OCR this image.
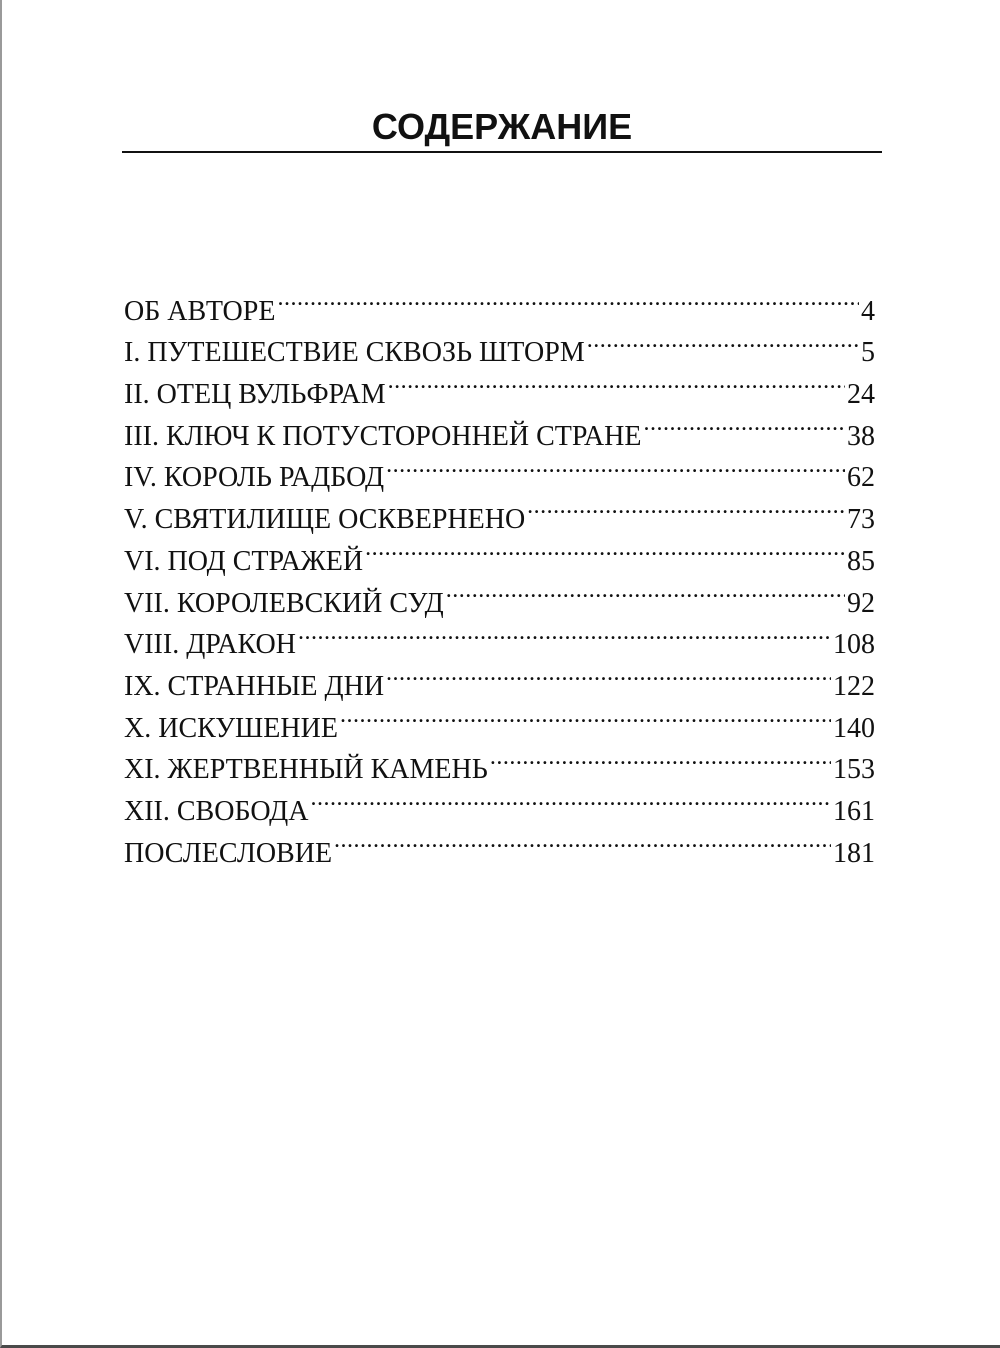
СОДЕРЖАНИЕ
ОБ АВТОРЕ .....	4
I. ПУТЕШЕСТВИЕ СКВОЗЬ ШТОРМ .....	5
II. ОТЕЦ ВУЛЬФРАМ .....	24
III. КЛЮЧ К ПОТУСТОРОННЕЙ СТРАНЕ .....	38
IV. КОРОЛЬ РАДБОД .....	62
V. СВЯТИЛИЩЕ ОСКВЕРНЕНО .....	73
VI. ПОД СТРАЖЕЙ .....	85
VII. КОРОЛЕВСКИЙ СУД .....	92
VIII. ДРАКОН .....	108
IX. СТРАННЫЕ ДНИ .....	122
X. ИСКУШЕНИЕ .....	140
XI. ЖЕРТВЕННЫЙ КАМЕНЬ .....	153
XII. СВОБОДА .....	161
ПОСЛЕСЛОВИЕ .....	181
